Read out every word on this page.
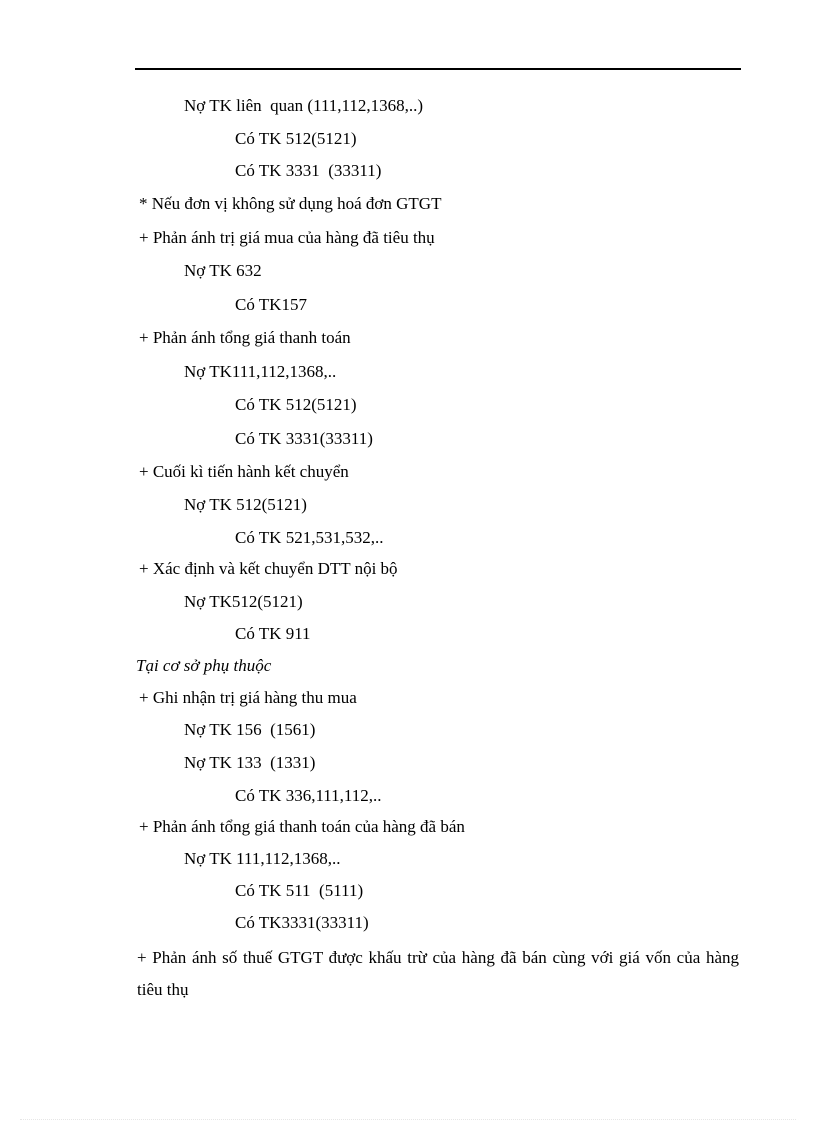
Nợ TK liên  quan (111,112,1368,..)
Có TK 512(5121)
Có TK 3331  (33311)
* Nếu đơn vị không sử dụng hoá đơn GTGT
+ Phản ánh trị giá mua của hàng đã tiêu thụ
Nợ TK 632
Có TK157
+ Phản ánh tổng giá thanh toán
Nợ TK111,112,1368,..
Có TK 512(5121)
Có TK 3331(33311)
+ Cuối kì tiến hành kết chuyển
Nợ TK 512(5121)
Có TK 521,531,532,..
+ Xác định và kết chuyển DTT nội bộ
Nợ TK512(5121)
Có TK 911
Tại cơ sở phụ thuộc
+ Ghi nhận trị giá hàng thu mua
Nợ TK 156  (1561)
Nợ TK 133  (1331)
Có TK 336,111,112,..
+ Phản ánh tổng giá thanh toán của hàng đã bán
Nợ TK 111,112,1368,..
Có TK 511  (5111)
Có TK3331(33311)
+ Phản ánh số thuế GTGT được khấu trừ của hàng đã bán cùng với giá vốn của hàng tiêu thụ
